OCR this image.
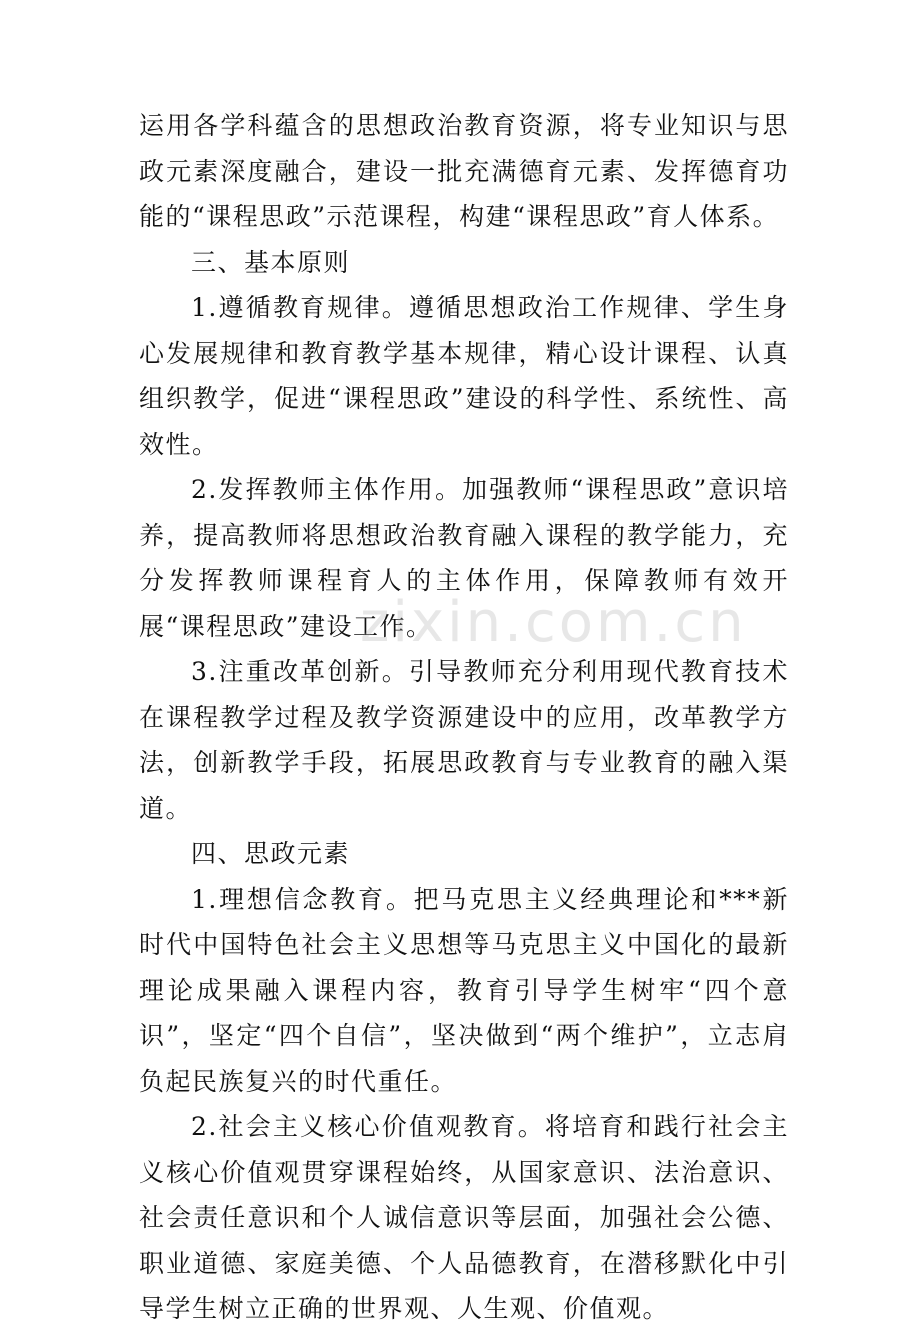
运用各学科蕴含的思想政治教育资源，将专业知识与思政元素深度融合，建设一批充满德育元素、发挥德育功能的“课程思政”示范课程，构建“课程思政”育人体系。

三、基本原则

1.遵循教育规律。遵循思想政治工作规律、学生身心发展规律和教育教学基本规律，精心设计课程、认真组织教学，促进“课程思政”建设的科学性、系统性、高效性。

2.发挥教师主体作用。加强教师“课程思政”意识培养，提高教师将思想政治教育融入课程的教学能力，充分发挥教师课程育人的主体作用，保障教师有效开展“课程思政”建设工作。

3.注重改革创新。引导教师充分利用现代教育技术在课程教学过程及教学资源建设中的应用，改革教学方法，创新教学手段，拓展思政教育与专业教育的融入渠道。

四、思政元素

1.理想信念教育。把马克思主义经典理论和***新时代中国特色社会主义思想等马克思主义中国化的最新理论成果融入课程内容，教育引导学生树牢“四个意识”，坚定“四个自信”，坚决做到“两个维护”，立志肩负起民族复兴的时代重任。

2.社会主义核心价值观教育。将培育和践行社会主义核心价值观贯穿课程始终，从国家意识、法治意识、社会责任意识和个人诚信意识等层面，加强社会公德、职业道德、家庭美德、个人品德教育，在潜移默化中引导学生树立正确的世界观、人生观、价值观。

zixin.com.cn
